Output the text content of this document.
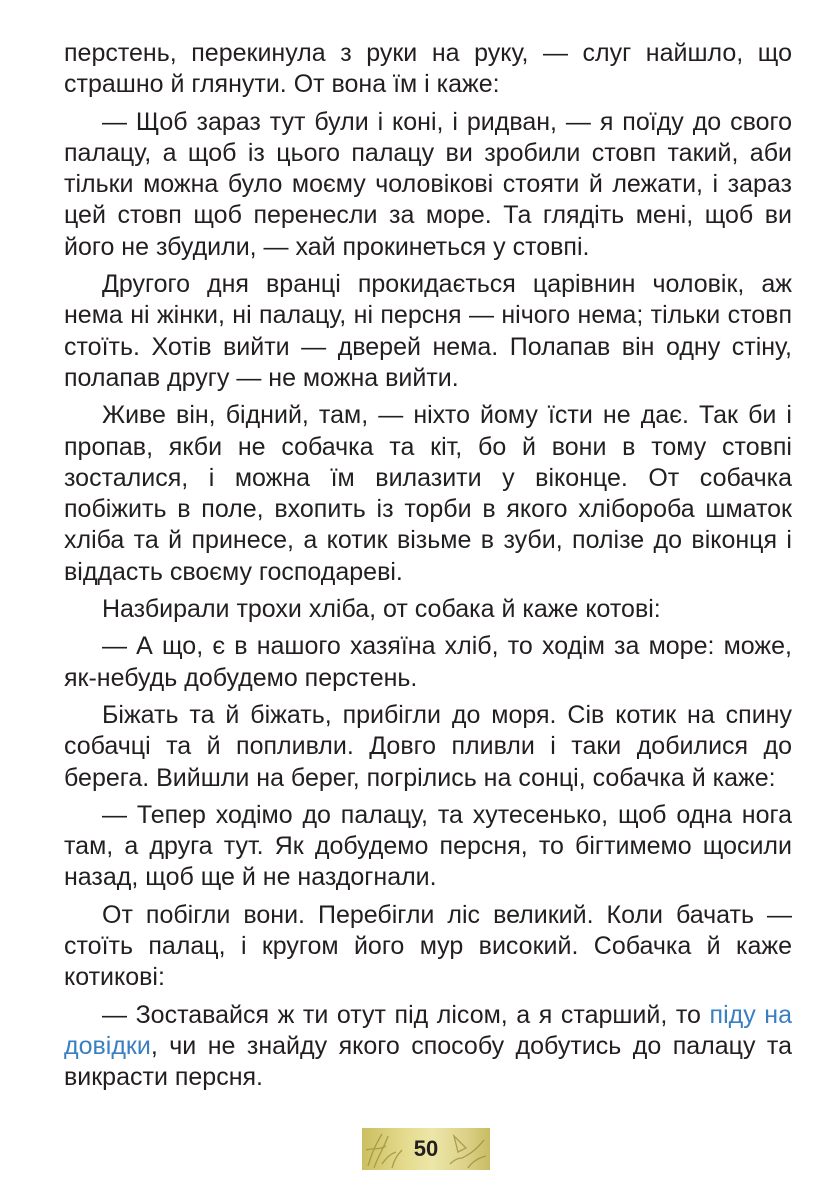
перстень, перекинула з руки на руку, — слуг найшло, що страшно й глянути. От вона їм і каже:

— Щоб зараз тут були і коні, і ридван, — я поїду до свого палацу, а щоб із цього палацу ви зробили стовп такий, аби тільки можна було моєму чоловікові стояти й лежати, і зараз цей стовп щоб перенесли за море. Та глядіть мені, щоб ви його не збудили, — хай прокинеться у стовпі.

Другого дня вранці прокидається царівнин чоловік, аж нема ні жінки, ні палацу, ні персня — нічого нема; тільки стовп стоїть. Хотів вийти — дверей нема. Полапав він одну стіну, полапав другу — не можна вийти.

Живе він, бідний, там, — ніхто йому їсти не дає. Так би і пропав, якби не собачка та кіт, бо й вони в тому стовпі зосталися, і можна їм вилазити у віконце. От собачка побіжить в поле, вхопить із торби в якого хлібороба шматок хліба та й принесе, а котик візьме в зуби, полізе до віконця і віддасть своєму господареві.

Назбирали трохи хліба, от собака й каже котові:

— А що, є в нашого хазяїна хліб, то ходім за море: може, як-небудь добудемо перстень.

Біжать та й біжать, прибігли до моря. Сів котик на спину собачці та й попливли. Довго пливли і таки добилися до берега. Вийшли на берег, погрілись на сонці, собачка й каже:

— Тепер ходімо до палацу, та хутесенько, щоб одна нога там, а друга тут. Як добудемо персня, то бігтимемо щосили назад, щоб ще й не наздогнали.

От побігли вони. Перебігли ліс великий. Коли бачать — стоїть палац, і кругом його мур високий. Собачка й каже котикові:

— Зоставайся ж ти отут під лісом, а я старший, то піду на довідки, чи не знайду якого способу добутись до палацу та викрасти персня.

50
